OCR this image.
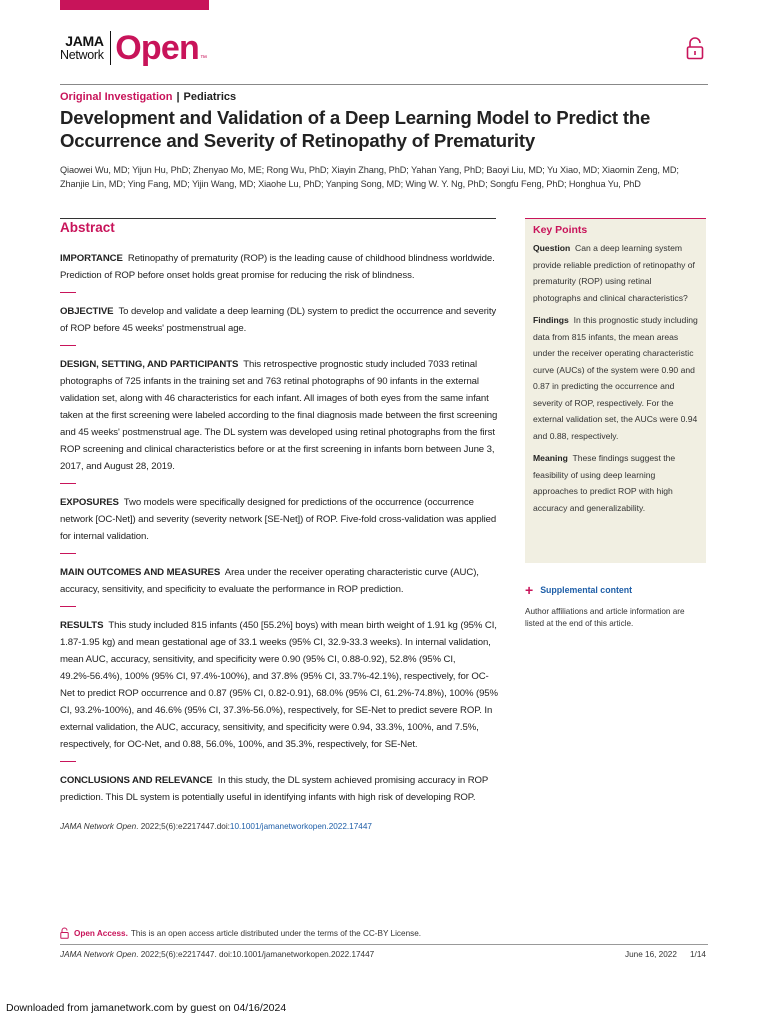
JAMA
Network Open ™
Original Investigation | Pediatrics
Development and Validation of a Deep Learning Model to Predict the Occurrence and Severity of Retinopathy of Prematurity
Qiaowei Wu, MD; Yijun Hu, PhD; Zhenyao Mo, ME; Rong Wu, PhD; Xiayin Zhang, PhD; Yahan Yang, PhD; Baoyi Liu, MD; Yu Xiao, MD; Xiaomin Zeng, MD; Zhanjie Lin, MD; Ying Fang, MD; Yijin Wang, MD; Xiaohe Lu, PhD; Yanping Song, MD; Wing W. Y. Ng, PhD; Songfu Feng, PhD; Honghua Yu, PhD
Abstract

IMPORTANCE Retinopathy of prematurity (ROP) is the leading cause of childhood blindness worldwide. Prediction of ROP before onset holds great promise for reducing the risk of blindness.

OBJECTIVE To develop and validate a deep learning (DL) system to predict the occurrence and severity of ROP before 45 weeks' postmenstrual age.

DESIGN, SETTING, AND PARTICIPANTS This retrospective prognostic study included 7033 retinal photographs of 725 infants in the training set and 763 retinal photographs of 90 infants in the external validation set, along with 46 characteristics for each infant. All images of both eyes from the same infant taken at the first screening were labeled according to the final diagnosis made between the first screening and 45 weeks' postmenstrual age. The DL system was developed using retinal photographs from the first ROP screening and clinical characteristics before or at the first screening in infants born between June 3, 2017, and August 28, 2019.

EXPOSURES Two models were specifically designed for predictions of the occurrence (occurrence network [OC-Net]) and severity (severity network [SE-Net]) of ROP. Five-fold cross-validation was applied for internal validation.

MAIN OUTCOMES AND MEASURES Area under the receiver operating characteristic curve (AUC), accuracy, sensitivity, and specificity to evaluate the performance in ROP prediction.

RESULTS This study included 815 infants (450 [55.2%] boys) with mean birth weight of 1.91 kg (95% CI, 1.87-1.95 kg) and mean gestational age of 33.1 weeks (95% CI, 32.9-33.3 weeks). In internal validation, mean AUC, accuracy, sensitivity, and specificity were 0.90 (95% CI, 0.88-0.92), 52.8% (95% CI, 49.2%-56.4%), 100% (95% CI, 97.4%-100%), and 37.8% (95% CI, 33.7%-42.1%), respectively, for OC-Net to predict ROP occurrence and 0.87 (95% CI, 0.82-0.91), 68.0% (95% CI, 61.2%-74.8%), 100% (95% CI, 93.2%-100%), and 46.6% (95% CI, 37.3%-56.0%), respectively, for SE-Net to predict severe ROP. In external validation, the AUC, accuracy, sensitivity, and specificity were 0.94, 33.3%, 100%, and 7.5%, respectively, for OC-Net, and 0.88, 56.0%, 100%, and 35.3%, respectively, for SE-Net.

CONCLUSIONS AND RELEVANCE In this study, the DL system achieved promising accuracy in ROP prediction. This DL system is potentially useful in identifying infants with high risk of developing ROP.

JAMA Network Open. 2022;5(6):e2217447.doi:10.1001/jamanetworkopen.2022.17447
Key Points
Question Can a deep learning system provide reliable prediction of retinopathy of prematurity (ROP) using retinal photographs and clinical characteristics?
Findings In this prognostic study including data from 815 infants, the mean areas under the receiver operating characteristic curve (AUCs) of the system were 0.90 and 0.87 in predicting the occurrence and severity of ROP, respectively. For the external validation set, the AUCs were 0.94 and 0.88, respectively.
Meaning These findings suggest the feasibility of using deep learning approaches to predict ROP with high accuracy and generalizability.
+ Supplemental content
Author affiliations and article information are listed at the end of this article.
Open Access. This is an open access article distributed under the terms of the CC-BY License.
JAMA Network Open. 2022;5(6):e2217447. doi:10.1001/jamanetworkopen.2022.17447	June 16, 2022 1/14
Downloaded from jamanetwork.com by guest on 04/16/2024
